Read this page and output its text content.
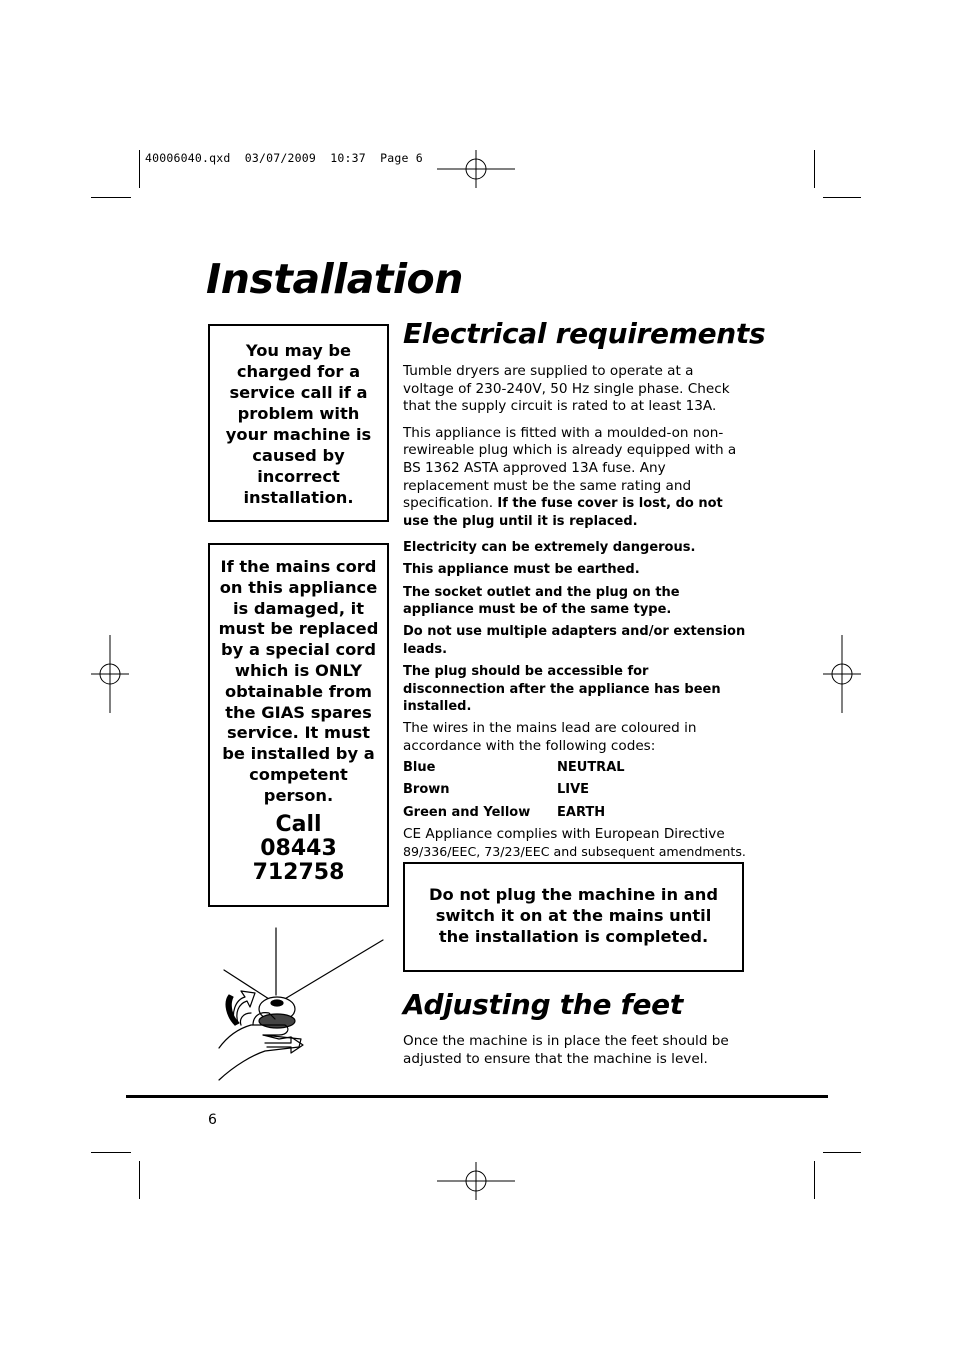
40006040.qxd  03/07/2009  10:37  Page 6
Installation
You may be charged for a service call if a problem with your machine is caused by incorrect installation.
If the mains cord on this appliance is damaged, it must be replaced by a special cord which is ONLY obtainable from the GIAS spares service. It must be installed by a competent person.
Call
08443
712758
Electrical requirements

Tumble dryers are supplied to operate at a voltage of 230-240V, 50 Hz single phase. Check that the supply circuit is rated to at least 13A.

This appliance is fitted with a moulded-on non-rewireable plug which is already equipped with a BS 1362 ASTA approved 13A fuse. Any replacement must be the same rating and specification. If the fuse cover is lost, do not use the plug until it is replaced.

Electricity can be extremely dangerous.

This appliance must be earthed.

The socket outlet and the plug on the appliance must be of the same type.

Do not use multiple adapters and/or extension leads.

The plug should be accessible for disconnection after the appliance has been installed.

The wires in the mains lead are coloured in accordance with the following codes:

Blue	NEUTRAL
Brown	LIVE
Green and Yellow	EARTH
CE Appliance complies with European Directive
89/336/EEC, 73/23/EEC and subsequent amendments.
Do not plug the machine in and switch it on at the mains until the installation is completed.
Adjusting the feet
Once the machine is in place the feet should be adjusted to ensure that the machine is level.
6
